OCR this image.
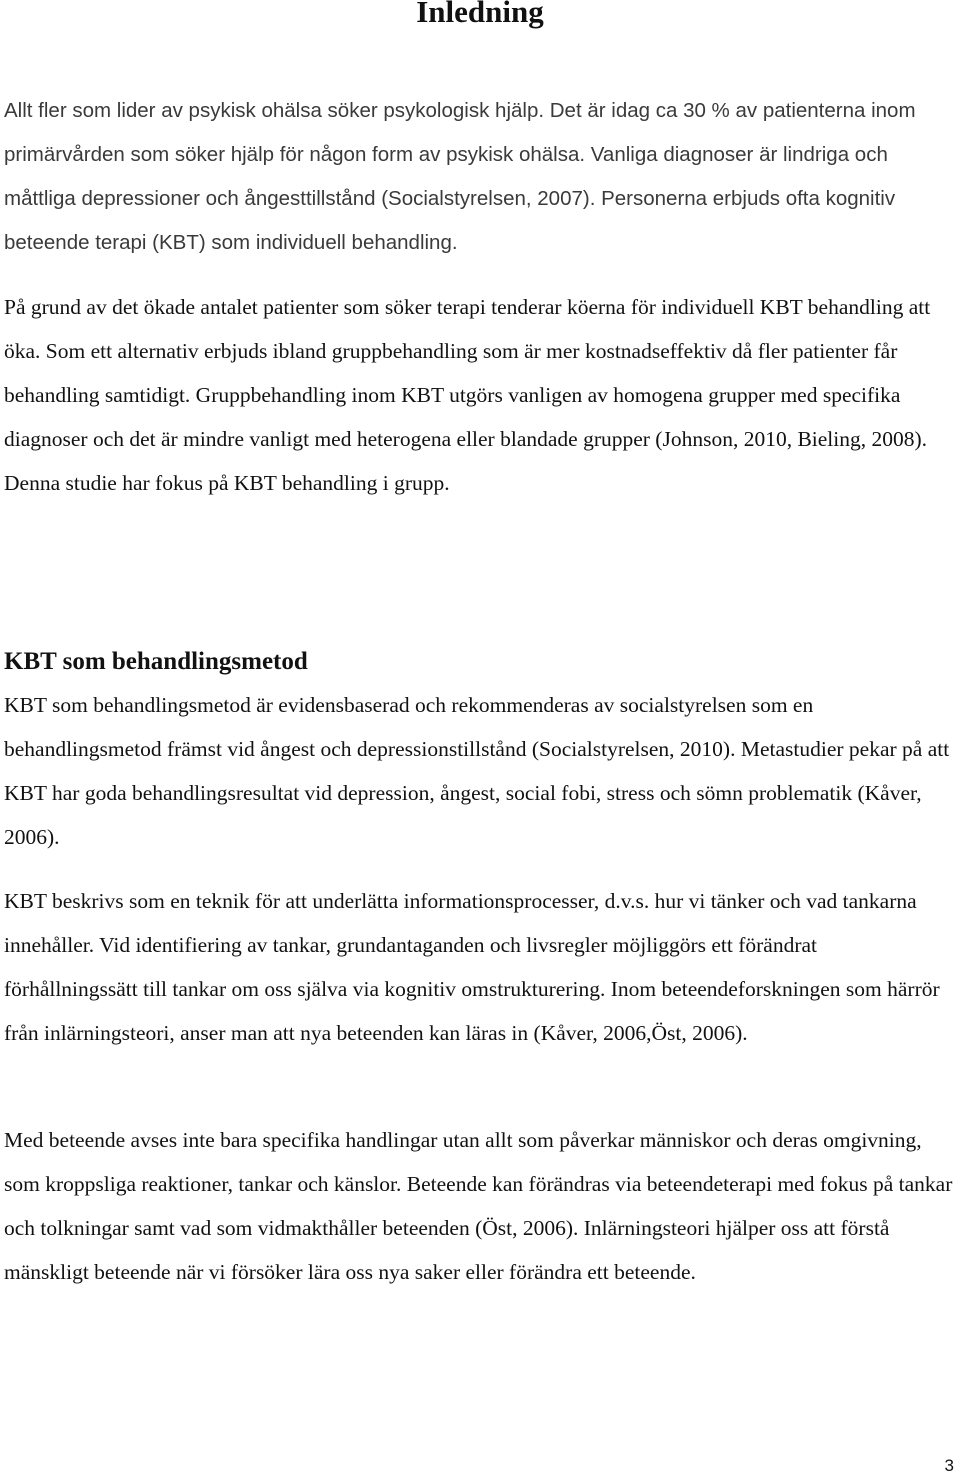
Inledning

Allt fler som lider av psykisk ohälsa söker psykologisk hjälp. Det är idag ca 30 % av patienterna inom primärvården som söker hjälp för någon form av psykisk ohälsa. Vanliga diagnoser är lindriga och måttliga depressioner och ångesttillstånd (Socialstyrelsen, 2007). Personerna erbjuds ofta kognitiv beteende terapi (KBT) som individuell behandling.

På grund av det ökade antalet patienter som söker terapi tenderar köerna för individuell KBT behandling att öka. Som ett alternativ erbjuds ibland gruppbehandling som är mer kostnadseffektiv då fler patienter får behandling samtidigt. Gruppbehandling inom KBT utgörs vanligen av homogena grupper med specifika diagnoser och det är mindre vanligt med heterogena eller blandade grupper (Johnson, 2010, Bieling, 2008). Denna studie har fokus på KBT behandling i grupp.

KBT som behandlingsmetod

KBT som behandlingsmetod är evidensbaserad och rekommenderas av socialstyrelsen som en behandlingsmetod främst vid ångest och depressionstillstånd (Socialstyrelsen, 2010). Metastudier pekar på att KBT har goda behandlingsresultat vid depression, ångest, social fobi, stress och sömn problematik (Kåver, 2006).

KBT beskrivs som en teknik för att underlätta informationsprocesser, d.v.s. hur vi tänker och vad tankarna innehåller. Vid identifiering av tankar, grundantaganden och livsregler möjliggörs ett förändrat förhållningssätt till tankar om oss själva via kognitiv omstrukturering. Inom beteendeforskningen som härrör från inlärningsteori, anser man att nya beteenden kan läras in (Kåver, 2006,Öst, 2006).

Med beteende avses inte bara specifika handlingar utan allt som påverkar människor och deras omgivning, som kroppsliga reaktioner, tankar och känslor. Beteende kan förändras via beteendeterapi med fokus på tankar och tolkningar samt vad som vidmakthåller beteenden (Öst, 2006). Inlärningsteori hjälper oss att förstå mänskligt beteende när vi försöker lära oss nya saker eller förändra ett beteende.

3
